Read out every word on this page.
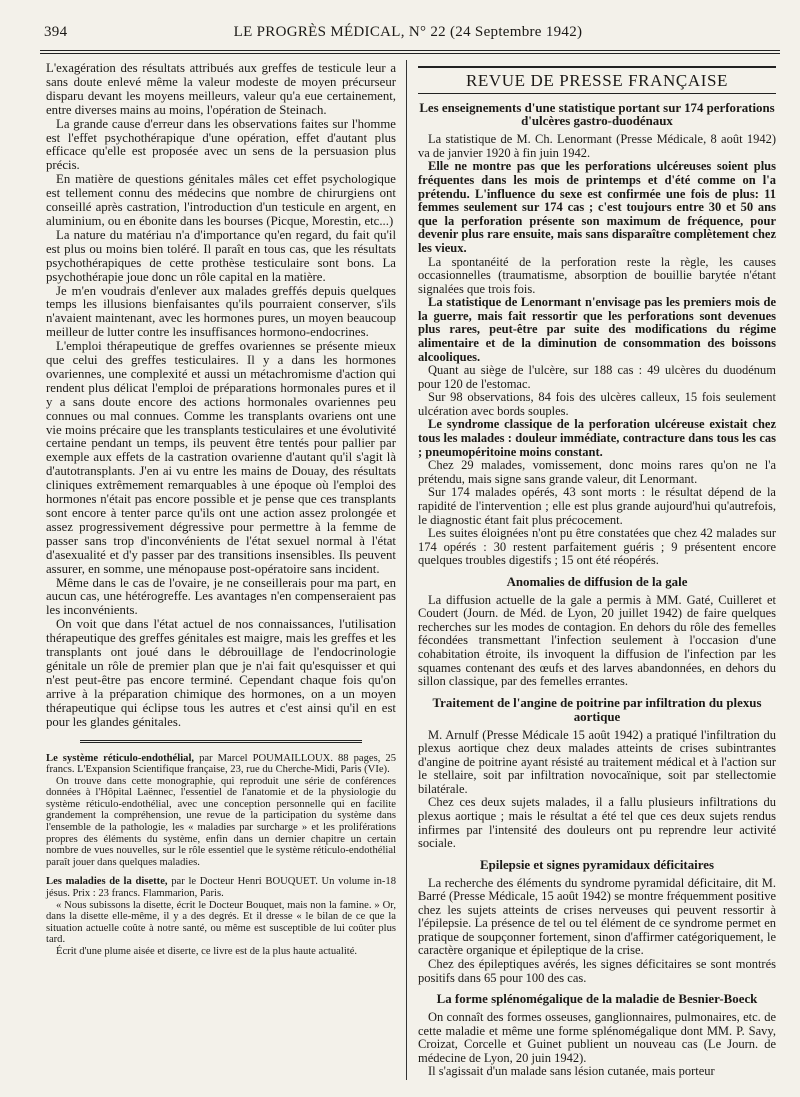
394	LE PROGRÈS MÉDICAL, N° 22 (24 Septembre 1942)

L'exagération des résultats attribués aux greffes de testicule leur a sans doute enlevé même la valeur modeste de moyen précurseur disparu devant les moyens meilleurs, valeur qu'a eue certainement, entre diverses mains au moins, l'opération de Steinach.

La grande cause d'erreur dans les observations faites sur l'homme est l'effet psychothérapique d'une opération, effet d'autant plus efficace qu'elle est proposée avec un sens de la persuasion plus précis.

En matière de questions génitales mâles cet effet psychologique est tellement connu des médecins que nombre de chirurgiens ont conseillé après castration, l'introduction d'un testicule en argent, en aluminium, ou en ébonite dans les bourses (Picque, Morestin, etc...)

La nature du matériau n'a d'importance qu'en regard, du fait qu'il est plus ou moins bien toléré. Il paraît en tous cas, que les résultats psychothérapiques de cette prothèse testiculaire sont bons. La psychothérapie joue donc un rôle capital en la matière.

Je m'en voudrais d'enlever aux malades greffés depuis quelques temps les illusions bienfaisantes qu'ils pourraient conserver, s'ils n'avaient maintenant, avec les hormones pures, un moyen beaucoup meilleur de lutter contre les insuffisances hormono-endocrines.

L'emploi thérapeutique de greffes ovariennes se présente mieux que celui des greffes testiculaires. Il y a dans les hormones ovariennes, une complexité et aussi un métachromisme d'action qui rendent plus délicat l'emploi de préparations hormonales pures et il y a sans doute encore des actions hormonales ovariennes peu connues ou mal connues. Comme les transplants ovariens ont une vie moins précaire que les transplants testiculaires et une évolutivité certaine pendant un temps, ils peuvent être tentés pour pallier par exemple aux effets de la castration ovarienne d'autant qu'il s'agit là d'autotransplants. J'en ai vu entre les mains de Douay, des résultats cliniques extrêmement remarquables à une époque où l'emploi des hormones n'était pas encore possible et je pense que ces transplants sont encore à tenter parce qu'ils ont une action assez prolongée et assez progressivement dégressive pour permettre à la femme de passer sans trop d'inconvénients de l'état sexuel normal à l'état d'asexualité et d'y passer par des transitions insensibles. Ils peuvent assurer, en somme, une ménopause post-opératoire sans incident.

Même dans le cas de l'ovaire, je ne conseillerais pour ma part, en aucun cas, une hétérogreffe. Les avantages n'en compenseraient pas les inconvénients.

On voit que dans l'état actuel de nos connaissances, l'utilisation thérapeutique des greffes génitales est maigre, mais les greffes et les transplants ont joué dans le débrouillage de l'endocrinologie génitale un rôle de premier plan que je n'ai fait qu'esquisser et qui n'est peut-être pas encore terminé. Cependant chaque fois qu'on arrive à la préparation chimique des hormones, on a un moyen thérapeutique qui éclipse tous les autres et c'est ainsi qu'il en est pour les glandes génitales.

Le système réticulo-endothélial, par Marcel POUMAILLOUX. 88 pages, 25 francs. L'Expansion Scientifique française, 23, rue du Cherche-Midi, Paris (VIe).

On trouve dans cette monographie, qui reproduit une série de conférences données à l'Hôpital Laënnec, l'essentiel de l'anatomie et de la physiologie du système réticulo-endothélial, avec une conception personnelle qui en facilite grandement la compréhension, une revue de la participation du système dans l'ensemble de la pathologie, les « maladies par surcharge » et les proliférations propres des éléments du système, enfin dans un dernier chapitre un certain nombre de vues nouvelles, sur le rôle essentiel que le système réticulo-endothélial paraît jouer dans quelques maladies.

Les maladies de la disette, par le Docteur Henri BOUQUET. Un volume in-18 jésus. Prix : 23 francs. Flammarion, Paris.

« Nous subissons la disette, écrit le Docteur Bouquet, mais non la famine. » Or, dans la disette elle-même, il y a des degrés. Et il dresse « le bilan de ce que la situation actuelle coûte à notre santé, ou même est susceptible de lui coûter plus tard.

Écrit d'une plume aisée et diserte, ce livre est de la plus haute actualité.

REVUE DE PRESSE FRANÇAISE
Les enseignements d'une statistique portant sur 174 perforations d'ulcères gastro-duodénaux

La statistique de M. Ch. Lenormant (Presse Médicale, 8 août 1942) va de janvier 1920 à fin juin 1942.

Elle ne montre pas que les perforations ulcéreuses soient plus fréquentes dans les mois de printemps et d'été comme on l'a prétendu. L'influence du sexe est confirmée une fois de plus: 11 femmes seulement sur 174 cas ; c'est toujours entre 30 et 50 ans que la perforation présente son maximum de fréquence, pour devenir plus rare ensuite, mais sans disparaître complètement chez les vieux.

La spontanéité de la perforation reste la règle, les causes occasionnelles (traumatisme, absorption de bouillie barytée n'étant signalées que trois fois.

La statistique de Lenormant n'envisage pas les premiers mois de la guerre, mais fait ressortir que les perforations sont devenues plus rares, peut-être par suite des modifications du régime alimentaire et de la diminution de consommation des boissons alcooliques.

Quant au siège de l'ulcère, sur 188 cas : 49 ulcères du duodénum pour 120 de l'estomac.

Sur 98 observations, 84 fois des ulcères calleux, 15 fois seulement ulcération avec bords souples.

Le syndrome classique de la perforation ulcéreuse existait chez tous les malades : douleur immédiate, contracture dans tous les cas ; pneumopéritoine moins constant.

Chez 29 malades, vomissement, donc moins rares qu'on ne l'a prétendu, mais signe sans grande valeur, dit Lenormant.

Sur 174 malades opérés, 43 sont morts : le résultat dépend de la rapidité de l'intervention ; elle est plus grande aujourd'hui qu'autrefois, le diagnostic étant fait plus précocement.

Les suites éloignées n'ont pu être constatées que chez 42 malades sur 174 opérés : 30 restent parfaitement guéris ; 9 présentent encore quelques troubles digestifs ; 15 ont été réopérés.

Anomalies de diffusion de la gale

La diffusion actuelle de la gale a permis à MM. Gaté, Cuilleret et Coudert (Journ. de Méd. de Lyon, 20 juillet 1942) de faire quelques recherches sur les modes de contagion. En dehors du rôle des femelles fécondées transmettant l'infection seulement à l'occasion d'une cohabitation étroite, ils invoquent la diffusion de l'infection par les squames contenant des œufs et des larves abandonnées, en dehors du sillon classique, par des femelles errantes.

Traitement de l'angine de poitrine par infiltration du plexus aortique

M. Arnulf (Presse Médicale 15 août 1942) a pratiqué l'infiltration du plexus aortique chez deux malades atteints de crises subintrantes d'angine de poitrine ayant résisté au traitement médical et à l'action sur le stellaire, soit par infiltration novocaïnique, soit par stellectomie bilatérale.

Chez ces deux sujets malades, il a fallu plusieurs infiltrations du plexus aortique ; mais le résultat a été tel que ces deux sujets rendus infirmes par l'intensité des douleurs ont pu reprendre leur activité sociale.

Epilepsie et signes pyramidaux déficitaires

La recherche des éléments du syndrome pyramidal déficitaire, dit M. Barré (Presse Médicale, 15 août 1942) se montre fréquemment positive chez les sujets atteints de crises nerveuses qui peuvent ressortir à l'épilepsie. La présence de tel ou tel élément de ce syndrome permet en pratique de soupçonner fortement, sinon d'affirmer catégoriquement, le caractère organique et épileptique de la crise.

Chez des épileptiques avérés, les signes déficitaires se sont montrés positifs dans 65 pour 100 des cas.

La forme splénomégalique de la maladie de Besnier-Boeck

On connaît des formes osseuses, ganglionnaires, pulmonaires, etc. de cette maladie et même une forme splénomégalique dont MM. P. Savy, Croizat, Corcelle et Guinet publient un nouveau cas (Le Journ. de médecine de Lyon, 20 juin 1942).

Il s'agissait d'un malade sans lésion cutanée, mais porteur
